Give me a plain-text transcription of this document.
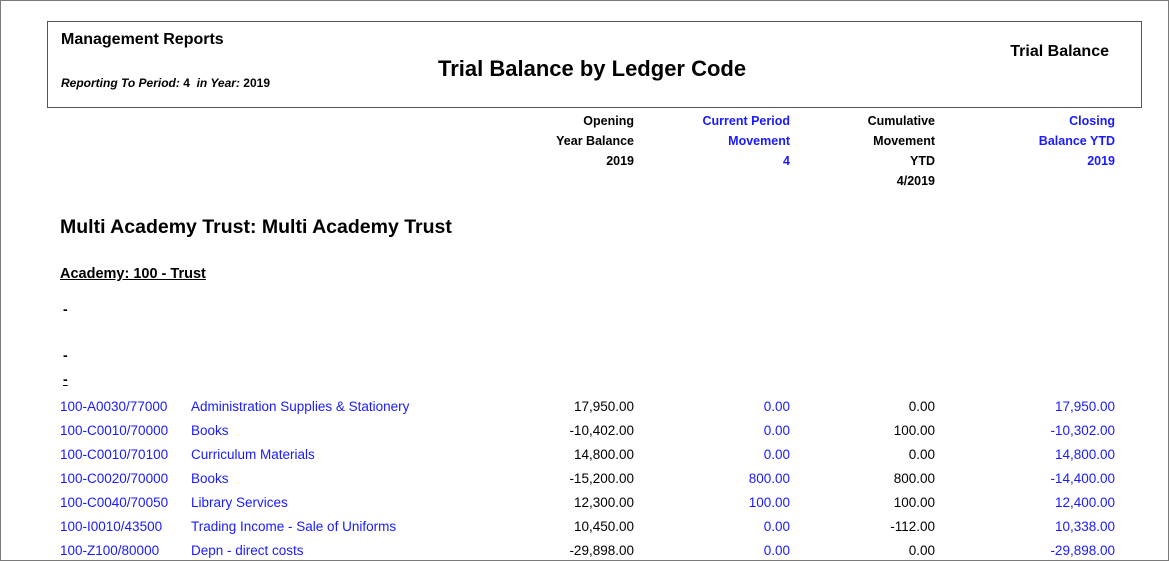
Management Reports
Reporting To Period: 4 in Year: 2019
Trial Balance by Ledger Code
Trial Balance
Opening
Year Balance
2019
Current Period
Movement
4
Cumulative
Movement
YTD
4/2019
Closing
Balance YTD
2019
Multi Academy Trust: Multi Academy Trust
Academy: 100 - Trust
-
-
-
100-A0030/77000 Administration Supplies & Stationery	17,950.00	0.00	0.00	17,950.00
100-C0010/70000 Books	-10,402.00	0.00	100.00	-10,302.00
100-C0010/70100 Curriculum Materials	14,800.00	0.00	0.00	14,800.00
100-C0020/70000 Books	-15,200.00	800.00	800.00	-14,400.00
100-C0040/70050 Library Services	12,300.00	100.00	100.00	12,400.00
100-I0010/43500 Trading Income - Sale of Uniforms	10,450.00	0.00	-112.00	10,338.00
100-Z100/80000 Depn - direct costs	-29,898.00	0.00	0.00	-29,898.00
